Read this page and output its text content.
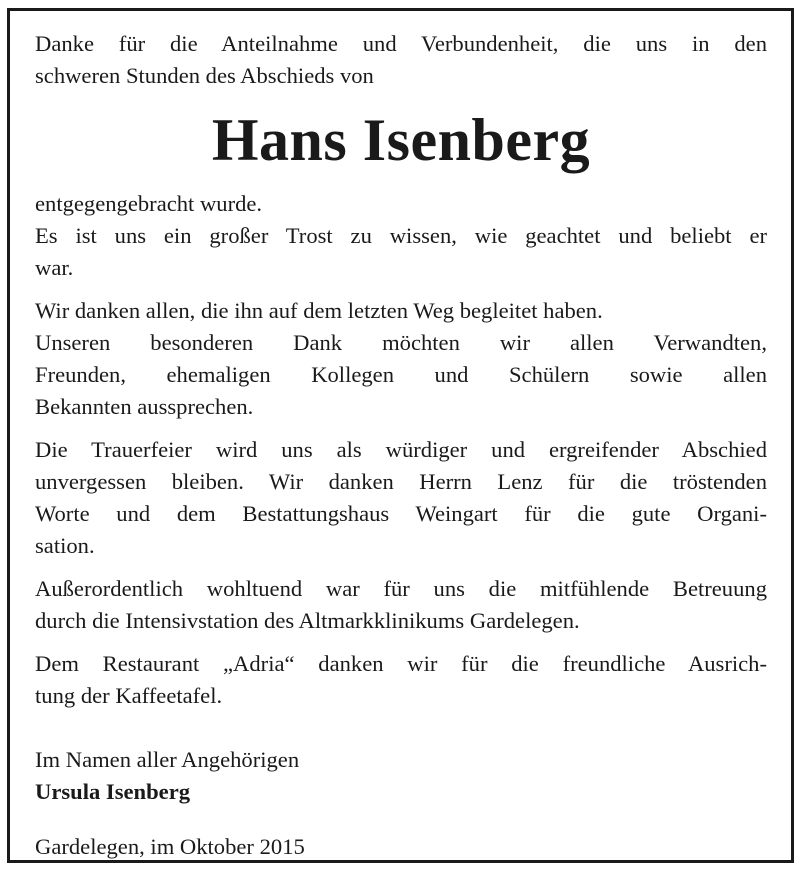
Danke für die Anteilnahme und Verbundenheit, die uns in den
schweren Stunden des Abschieds von
Hans Isenberg
entgegengebracht wurde.
Es ist uns ein großer Trost zu wissen, wie geachtet und beliebt er
war.
Wir danken allen, die ihn auf dem letzten Weg begleitet haben.
Unseren besonderen Dank möchten wir allen Verwandten,
Freunden, ehemaligen Kollegen und Schülern sowie allen
Bekannten aussprechen.
Die Trauerfeier wird uns als würdiger und ergreifender Abschied
unvergessen bleiben. Wir danken Herrn Lenz für die tröstenden
Worte und dem Bestattungshaus Weingart für die gute Organi-
sation.
Außerordentlich wohltuend war für uns die mitfühlende Betreuung
durch die Intensivstation des Altmarkklinikums Gardelegen.
Dem Restaurant „Adria“ danken wir für die freundliche Ausrich-
tung der Kaffeetafel.
Im Namen aller Angehörigen
Ursula Isenberg
Gardelegen, im Oktober 2015
